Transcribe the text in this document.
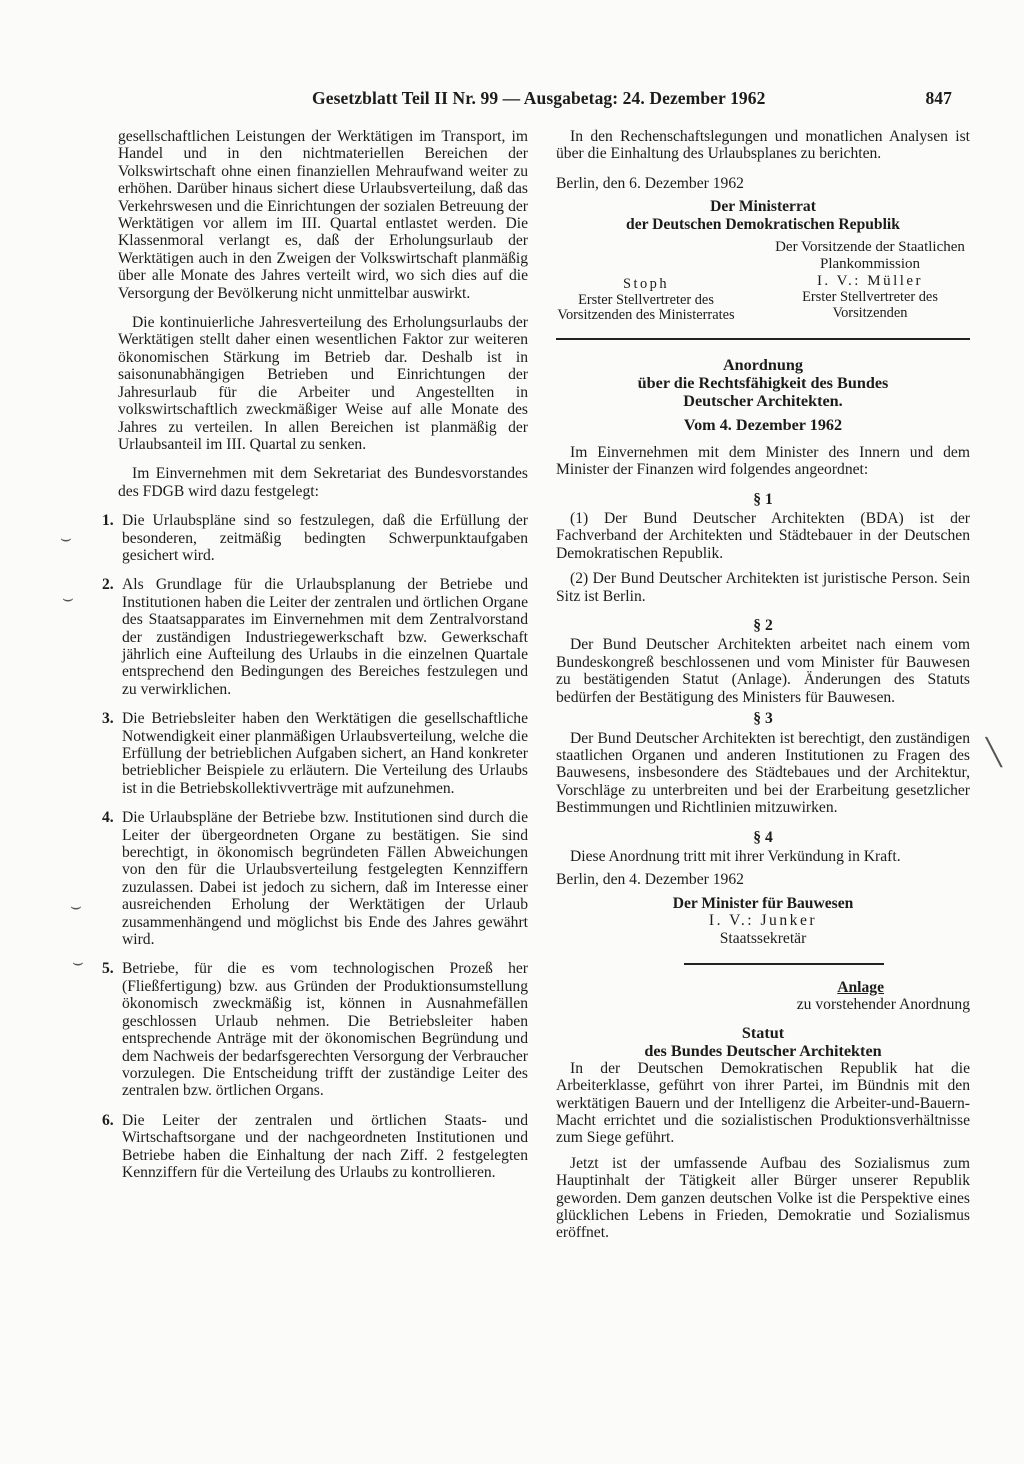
Gesetzblatt Teil II Nr. 99 — Ausgabetag: 24. Dezember 1962	847

gesellschaftlichen Leistungen der Werktätigen im Transport, im Handel und in den nichtmateriellen Bereichen der Volkswirtschaft ohne einen finanziellen Mehraufwand weiter zu erhöhen. Darüber hinaus sichert diese Urlaubsverteilung, daß das Verkehrswesen und die Einrichtungen der sozialen Betreuung der Werktätigen vor allem im III. Quartal entlastet werden. Die Klassenmoral verlangt es, daß der Erholungsurlaub der Werktätigen auch in den Zweigen der Volkswirtschaft planmäßig über alle Monate des Jahres verteilt wird, wo sich dies auf die Versorgung der Bevölkerung nicht unmittelbar auswirkt.

Die kontinuierliche Jahresverteilung des Erholungsurlaubs der Werktätigen stellt daher einen wesentlichen Faktor zur weiteren ökonomischen Stärkung im Betrieb dar. Deshalb ist in saisonunabhängigen Betrieben und Einrichtungen der Jahresurlaub für die Arbeiter und Angestellten in volkswirtschaftlich zweckmäßiger Weise auf alle Monate des Jahres zu verteilen. In allen Bereichen ist planmäßig der Urlaubsanteil im III. Quartal zu senken.

Im Einvernehmen mit dem Sekretariat des Bundesvorstandes des FDGB wird dazu festgelegt:

1. Die Urlaubspläne sind so festzulegen, daß die Erfüllung der besonderen, zeitmäßig bedingten Schwerpunktaufgaben gesichert wird.
2. Als Grundlage für die Urlaubsplanung der Betriebe und Institutionen haben die Leiter der zentralen und örtlichen Organe des Staatsapparates im Einvernehmen mit dem Zentralvorstand der zuständigen Industriegewerkschaft bzw. Gewerkschaft jährlich eine Aufteilung des Urlaubs in die einzelnen Quartale entsprechend den Bedingungen des Bereiches festzulegen und zu verwirklichen.
3. Die Betriebsleiter haben den Werktätigen die gesellschaftliche Notwendigkeit einer planmäßigen Urlaubsverteilung, welche die Erfüllung der betrieblichen Aufgaben sichert, an Hand konkreter betrieblicher Beispiele zu erläutern. Die Verteilung des Urlaubs ist in die Betriebskollektivverträge mit aufzunehmen.
4. Die Urlaubspläne der Betriebe bzw. Institutionen sind durch die Leiter der übergeordneten Organe zu bestätigen. Sie sind berechtigt, in ökonomisch begründeten Fällen Abweichungen von den für die Urlaubsverteilung festgelegten Kennziffern zuzulassen. Dabei ist jedoch zu sichern, daß im Interesse einer ausreichenden Erholung der Werktätigen der Urlaub zusammenhängend und möglichst bis Ende des Jahres gewährt wird.
5. Betriebe, für die es vom technologischen Prozeß her (Fließfertigung) bzw. aus Gründen der Produktionsumstellung ökonomisch zweckmäßig ist, können in Ausnahmefällen geschlossen Urlaub nehmen. Die Betriebsleiter haben entsprechende Anträge mit der ökonomischen Begründung und dem Nachweis der bedarfsgerechten Versorgung der Verbraucher vorzulegen. Die Entscheidung trifft der zuständige Leiter des zentralen bzw. örtlichen Organs.
6. Die Leiter der zentralen und örtlichen Staats- und Wirtschaftsorgane und der nachgeordneten Institutionen und Betriebe haben die Einhaltung der nach Ziff. 2 festgelegten Kennziffern für die Verteilung des Urlaubs zu kontrollieren.

In den Rechenschaftslegungen und monatlichen Analysen ist über die Einhaltung des Urlaubsplanes zu berichten.

Berlin, den 6. Dezember 1962

Der Ministerrat
der Deutschen Demokratischen Republik
Stoph
Erster Stellvertreter des Vorsitzenden des Ministerrates
Der Vorsitzende der Staatlichen Plankommission
I. V.: Müller
Erster Stellvertreter des Vorsitzenden
Anordnung
über die Rechtsfähigkeit des Bundes
Deutscher Architekten.
Vom 4. Dezember 1962

Im Einvernehmen mit dem Minister des Innern und dem Minister der Finanzen wird folgendes angeordnet:

§ 1

(1) Der Bund Deutscher Architekten (BDA) ist der Fachverband der Architekten und Städtebauer in der Deutschen Demokratischen Republik.

(2) Der Bund Deutscher Architekten ist juristische Person. Sein Sitz ist Berlin.

§ 2

Der Bund Deutscher Architekten arbeitet nach einem vom Bundeskongreß beschlossenen und vom Minister für Bauwesen zu bestätigenden Statut (Anlage). Änderungen des Statuts bedürfen der Bestätigung des Ministers für Bauwesen.

§ 3

Der Bund Deutscher Architekten ist berechtigt, den zuständigen staatlichen Organen und anderen Institutionen zu Fragen des Bauwesens, insbesondere des Städtebaues und der Architektur, Vorschläge zu unterbreiten und bei der Erarbeitung gesetzlicher Bestimmungen und Richtlinien mitzuwirken.

§ 4

Diese Anordnung tritt mit ihrer Verkündung in Kraft.

Berlin, den 4. Dezember 1962

Der Minister für Bauwesen
I. V.: Junker
Staatssekretär
Anlage
zu vorstehender Anordnung
Statut
des Bundes Deutscher Architekten

In der Deutschen Demokratischen Republik hat die Arbeiterklasse, geführt von ihrer Partei, im Bündnis mit den werktätigen Bauern und der Intelligenz die Arbeiter-und-Bauern-Macht errichtet und die sozialistischen Produktionsverhältnisse zum Siege geführt.

Jetzt ist der umfassende Aufbau des Sozialismus zum Hauptinhalt der Tätigkeit aller Bürger unserer Republik geworden. Dem ganzen deutschen Volke ist die Perspektive eines glücklichen Lebens in Frieden, Demokratie und Sozialismus eröffnet.

⌣
⌣
⌣
⌣
╲
